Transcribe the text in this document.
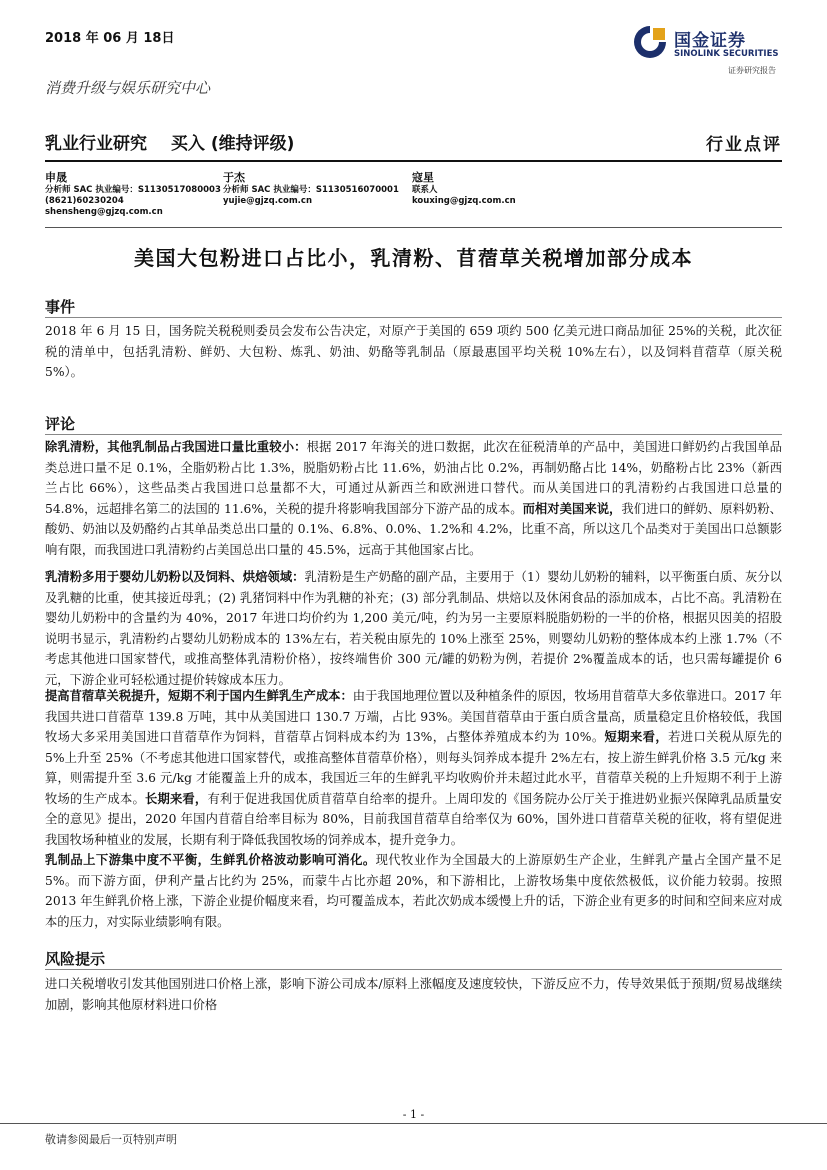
2018 年 06 月 18日	国金证券
SINOLINK SECURITIES
证券研究报告
消费升级与娱乐研究中心
乳业行业研究 买入 (维持评级)	行业点评
申晟
分析师 SAC 执业编号：S1130517080003
(8621)60230204
shensheng@gjzq.com.cn
于杰
分析师 SAC 执业编号：S1130516070001
yujie@gjzq.com.cn
寇星
联系人
kouxing@gjzq.com.cn
美国大包粉进口占比小，乳清粉、苜蓿草关税增加部分成本
事件

2018 年 6 月 15 日，国务院关税税则委员会发布公告决定，对原产于美国的 659 项约 500 亿美元进口商品加征 25%的关税，此次征税的清单中，包括乳清粉、鲜奶、大包粉、炼乳、奶油、奶酪等乳制品（原最惠国平均关税 10%左右），以及饲料苜蓿草（原关税 5%）。

评论

除乳清粉，其他乳制品占我国进口量比重较小：根据 2017 年海关的进口数据，此次在征税清单的产品中，美国进口鲜奶约占我国单品类总进口量不足 0.1%，全脂奶粉占比 1.3%，脱脂奶粉占比 11.6%，奶油占比 0.2%，再制奶酪占比 14%，奶酪粉占比 23%（新西兰占比 66%），这些品类占我国进口总量都不大，可通过从新西兰和欧洲进口替代。而从美国进口的乳清粉约占我国进口总量的 54.8%，远超排名第二的法国的 11.6%，关税的提升将影响我国部分下游产品的成本。而相对美国来说，我们进口的鲜奶、原料奶粉、酸奶、奶油以及奶酪约占其单品类总出口量的 0.1%、6.8%、0.0%、1.2%和 4.2%，比重不高，所以这几个品类对于美国出口总额影响有限，而我国进口乳清粉约占美国总出口量的 45.5%，远高于其他国家占比。

乳清粉多用于婴幼儿奶粉以及饲料、烘焙领域：乳清粉是生产奶酪的副产品，主要用于（1）婴幼儿奶粉的辅料，以平衡蛋白质、灰分以及乳糖的比重，使其接近母乳；(2) 乳猪饲料中作为乳糖的补充；(3) 部分乳制品、烘焙以及休闲食品的添加成本，占比不高。乳清粉在婴幼儿奶粉中的含量约为 40%，2017 年进口均价约为 1,200 美元/吨，约为另一主要原料脱脂奶粉的一半的价格，根据贝因美的招股说明书显示，乳清粉约占婴幼儿奶粉成本的 13%左右，若关税由原先的 10%上涨至 25%，则婴幼儿奶粉的整体成本约上涨 1.7%（不考虑其他进口国家替代，或推高整体乳清粉价格），按终端售价 300 元/罐的奶粉为例，若提价 2%覆盖成本的话，也只需每罐提价 6 元，下游企业可轻松通过提价转嫁成本压力。

提高苜蓿草关税提升，短期不利于国内生鲜乳生产成本：由于我国地理位置以及种植条件的原因，牧场用苜蓿草大多依靠进口。2017 年我国共进口苜蓿草 139.8 万吨，其中从美国进口 130.7 万端，占比 93%。美国苜蓿草由于蛋白质含量高，质量稳定且价格较低，我国牧场大多采用美国进口苜蓿草作为饲料，苜蓿草占饲料成本约为 13%，占整体养殖成本约为 10%。短期来看，若进口关税从原先的 5%上升至 25%（不考虑其他进口国家替代，或推高整体苜蓿草价格），则每头饲养成本提升 2%左右，按上游生鲜乳价格 3.5 元/kg 来算，则需提升至 3.6 元/kg 才能覆盖上升的成本，我国近三年的生鲜乳平均收购价并未超过此水平，苜蓿草关税的上升短期不利于上游牧场的生产成本。长期来看，有利于促进我国优质苜蓿草自给率的提升。上周印发的《国务院办公厅关于推进奶业振兴保障乳品质量安全的意见》提出，2020 年国内苜蓿自给率目标为 80%，目前我国苜蓿草自给率仅为 60%，国外进口苜蓿草关税的征收，将有望促进我国牧场种植业的发展，长期有利于降低我国牧场的饲养成本，提升竞争力。

乳制品上下游集中度不平衡，生鲜乳价格波动影响可消化。现代牧业作为全国最大的上游原奶生产企业，生鲜乳产量占全国产量不足 5%。而下游方面，伊利产量占比约为 25%，而蒙牛占比亦超 20%，和下游相比，上游牧场集中度依然极低，议价能力较弱。按照 2013 年生鲜乳价格上涨，下游企业提价幅度来看，均可覆盖成本，若此次奶成本缓慢上升的话，下游企业有更多的时间和空间来应对成本的压力，对实际业绩影响有限。

风险提示

进口关税增收引发其他国别进口价格上涨，影响下游公司成本/原料上涨幅度及速度较快，下游反应不力，传导效果低于预期/贸易战继续加剧，影响其他原材料进口价格

- 1 -
敬请参阅最后一页特别声明
